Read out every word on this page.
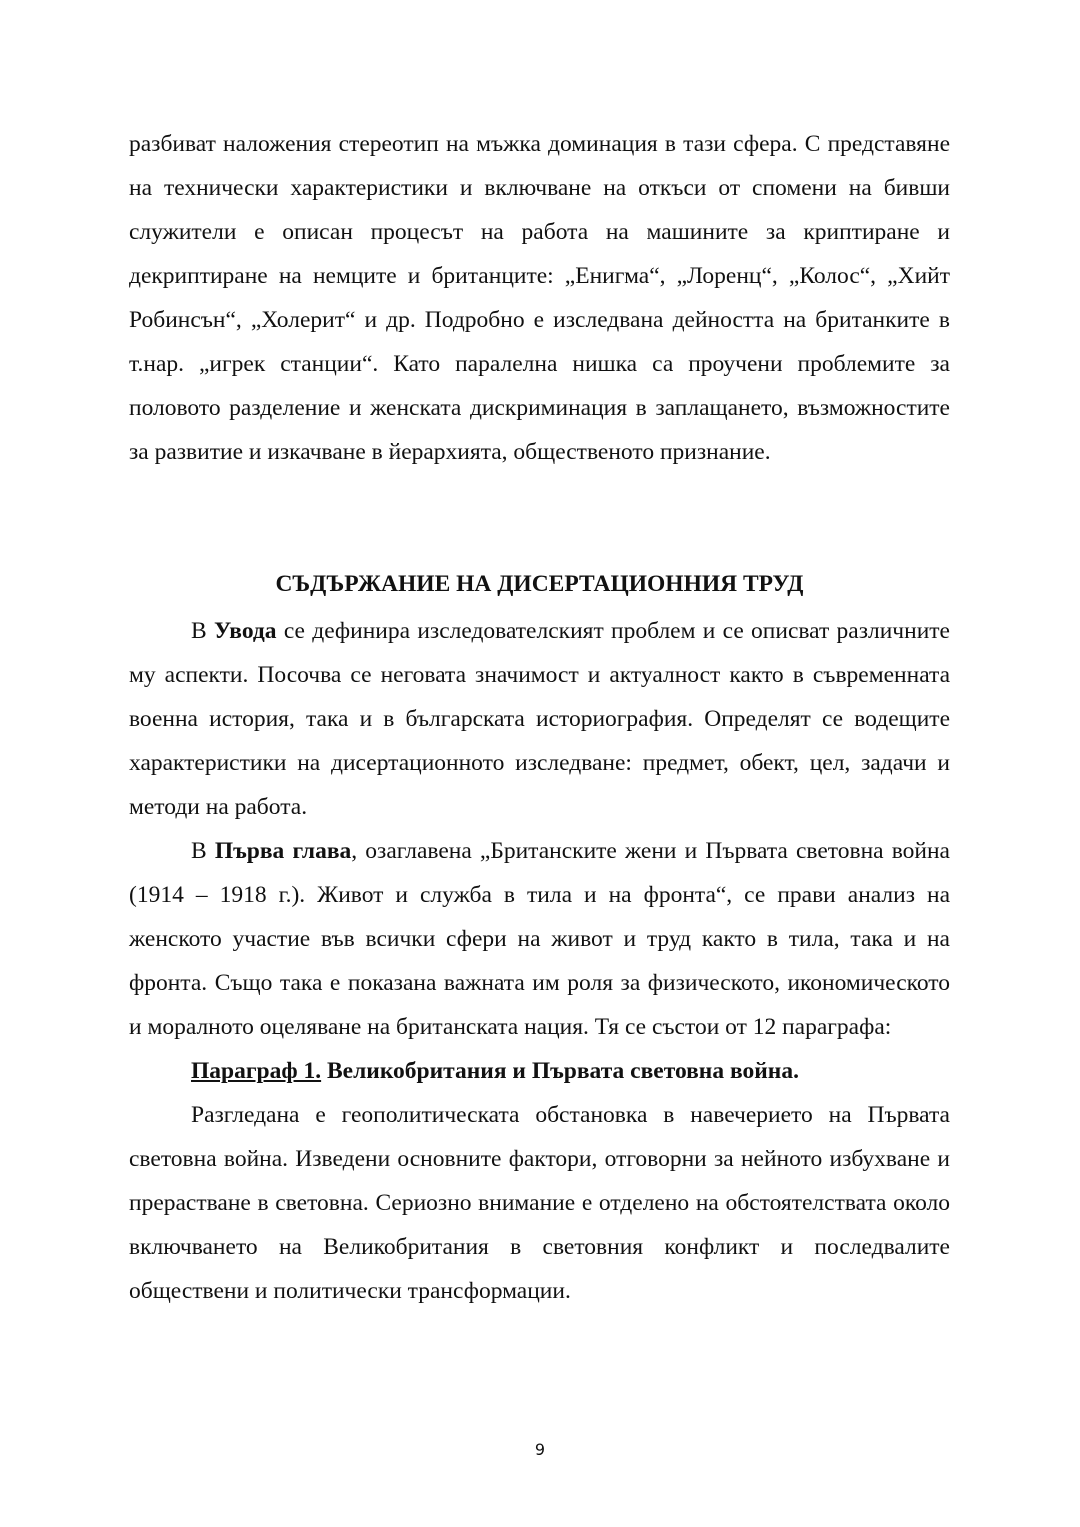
разбиват наложения стереотип на мъжка доминация в тази сфера. С представяне на технически характеристики и включване на откъси от спомени на бивши служители е описан процесът на работа на машините за криптиране и декриптиране на немците и британците: „Енигма“, „Лоренц“, „Колос“, „Хийт Робинсън“, „Холерит“ и др. Подробно е изследвана дейността на британките в т.нар. „игрек станции“. Като паралелна нишка са проучени проблемите за половото разделение и женската дискриминация в заплащането, възможностите за развитие и изкачване в йерархията, общественото признание.

СЪДЪРЖАНИЕ НА ДИСЕРТАЦИОННИЯ ТРУД

В Увода се дефинира изследователският проблем и се описват различните му аспекти. Посочва се неговата значимост и актуалност както в съвременната военна история, така и в българската историография. Определят се водещите характеристики на дисертационното изследване: предмет, обект, цел, задачи и методи на работа.

В Първа глава, озаглавена „Британските жени и Първата световна война (1914 – 1918 г.). Живот и служба в тила и на фронта“, се прави анализ на женското участие във всички сфери на живот и труд както в тила, така и на фронта. Също така е показана важната им роля за физическото, икономическото и моралното оцеляване на британската нация. Тя се състои от 12 параграфа:

Параграф 1. Великобритания и Първата световна война.

Разгледана е геополитическата обстановка в навечерието на Първата световна война. Изведени основните фактори, отговорни за нейното избухване и прерастване в световна. Сериозно внимание е отделено на обстоятелствата около включването на Великобритания в световния конфликт и последвалите обществени и политически трансформации.

9
